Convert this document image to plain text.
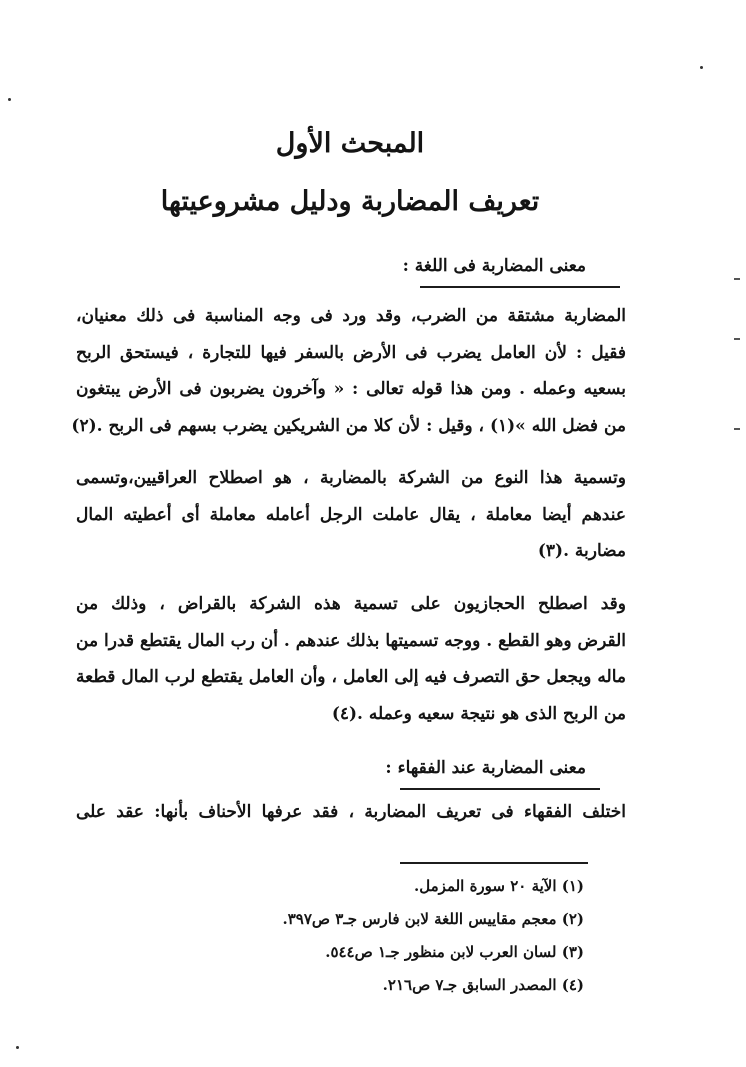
المبحث الأول
تعريف المضاربة ودليل مشروعيتها
معنى المضاربة فى اللغة :
المضاربة مشتقة من الضرب، وقد ورد فى وجه المناسبة فى ذلك معنيان،
فقيل : لأن العامل يضرب فى الأرض بالسفر فيها للتجارة ، فيستحق الربح
بسعيه وعمله . ومن هذا قوله تعالى : « وآخرون يضربون فى الأرض يبتغون
من فضل الله »(١) ، وقيل : لأن كلا من الشريكين يضرب بسهم فى الربح .(٢)
وتسمية هذا النوع من الشركة بالمضاربة ، هو اصطلاح العراقيين،وتسمى
عندهم أيضا معاملة ، يقال عاملت الرجل أعامله معاملة أى أعطيته المال
مضاربة .(٣)
وقد اصطلح الحجازيون على تسمية هذه الشركة بالقراض ، وذلك من
القرض وهو القطع . ووجه تسميتها بذلك عندهم . أن رب المال يقتطع قدرا من
ماله ويجعل حق التصرف فيه إلى العامل ، وأن العامل يقتطع لرب المال قطعة
من الربح الذى هو نتيجة سعيه وعمله .(٤)
معنى المضاربة عند الفقهاء :
اختلف الفقهاء فى تعريف المضاربة ، فقد عرفها الأحناف بأنها: عقد على
(١) الآية ٢٠ سورة المزمل.
(٢) معجم مقاييس اللغة لابن فارس جـ٣ ص٣٩٧.
(٣) لسان العرب لابن منظور جـ١ ص٥٤٤.
(٤) المصدر السابق جـ٧ ص٢١٦.
